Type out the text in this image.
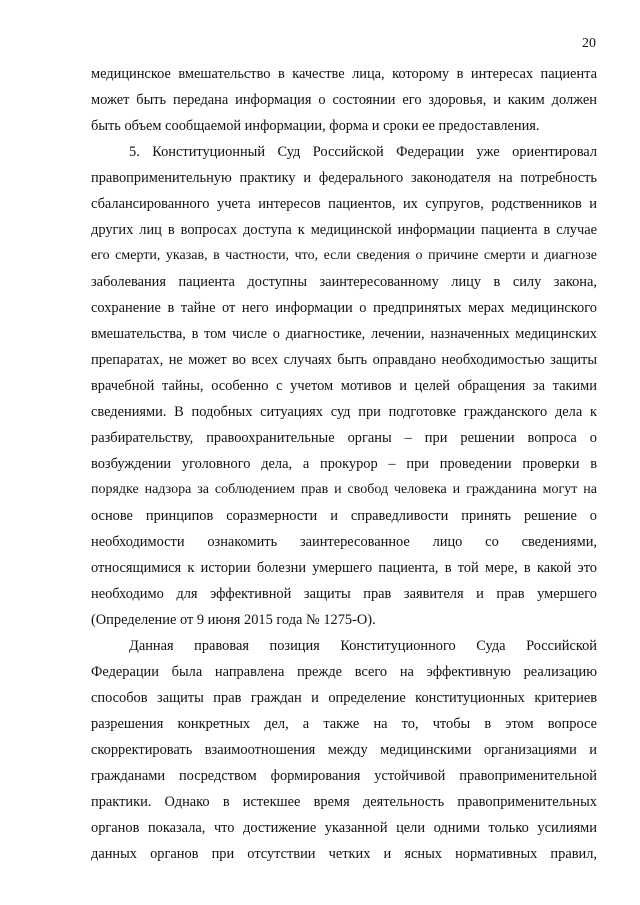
20
медицинское вмешательство в качестве лица, которому в интересах пациента
может быть передана информация о состоянии его здоровья, и каким должен
быть объем сообщаемой информации, форма и сроки ее предоставления.
5. Конституционный Суд Российской Федерации уже ориентировал
правоприменительную практику и федерального законодателя на потребность
сбалансированного учета интересов пациентов, их супругов, родственников и
других лиц в вопросах доступа к медицинской информации пациента в случае
его смерти, указав, в частности, что, если сведения о причине смерти и диагнозе
заболевания пациента доступны заинтересованному лицу в силу закона,
сохранение в тайне от него информации о предпринятых мерах медицинского
вмешательства, в том числе о диагностике, лечении, назначенных медицинских
препаратах, не может во всех случаях быть оправдано необходимостью защиты
врачебной тайны, особенно с учетом мотивов и целей обращения за такими
сведениями. В подобных ситуациях суд при подготовке гражданского дела к
разбирательству, правоохранительные органы – при решении вопроса о
возбуждении уголовного дела, а прокурор – при проведении проверки в
порядке надзора за соблюдением прав и свобод человека и гражданина могут на
основе принципов соразмерности и справедливости принять решение о
необходимости ознакомить заинтересованное лицо со сведениями,
относящимися к истории болезни умершего пациента, в той мере, в какой это
необходимо для эффективной защиты прав заявителя и прав умершего
(Определение от 9 июня 2015 года № 1275-О).
Данная правовая позиция Конституционного Суда Российской
Федерации была направлена прежде всего на эффективную реализацию
способов защиты прав граждан и определение конституционных критериев
разрешения конкретных дел, а также на то, чтобы в этом вопросе
скорректировать взаимоотношения между медицинскими организациями и
гражданами посредством формирования устойчивой правоприменительной
практики. Однако в истекшее время деятельность правоприменительных
органов показала, что достижение указанной цели одними только усилиями
данных органов при отсутствии четких и ясных нормативных правил,
